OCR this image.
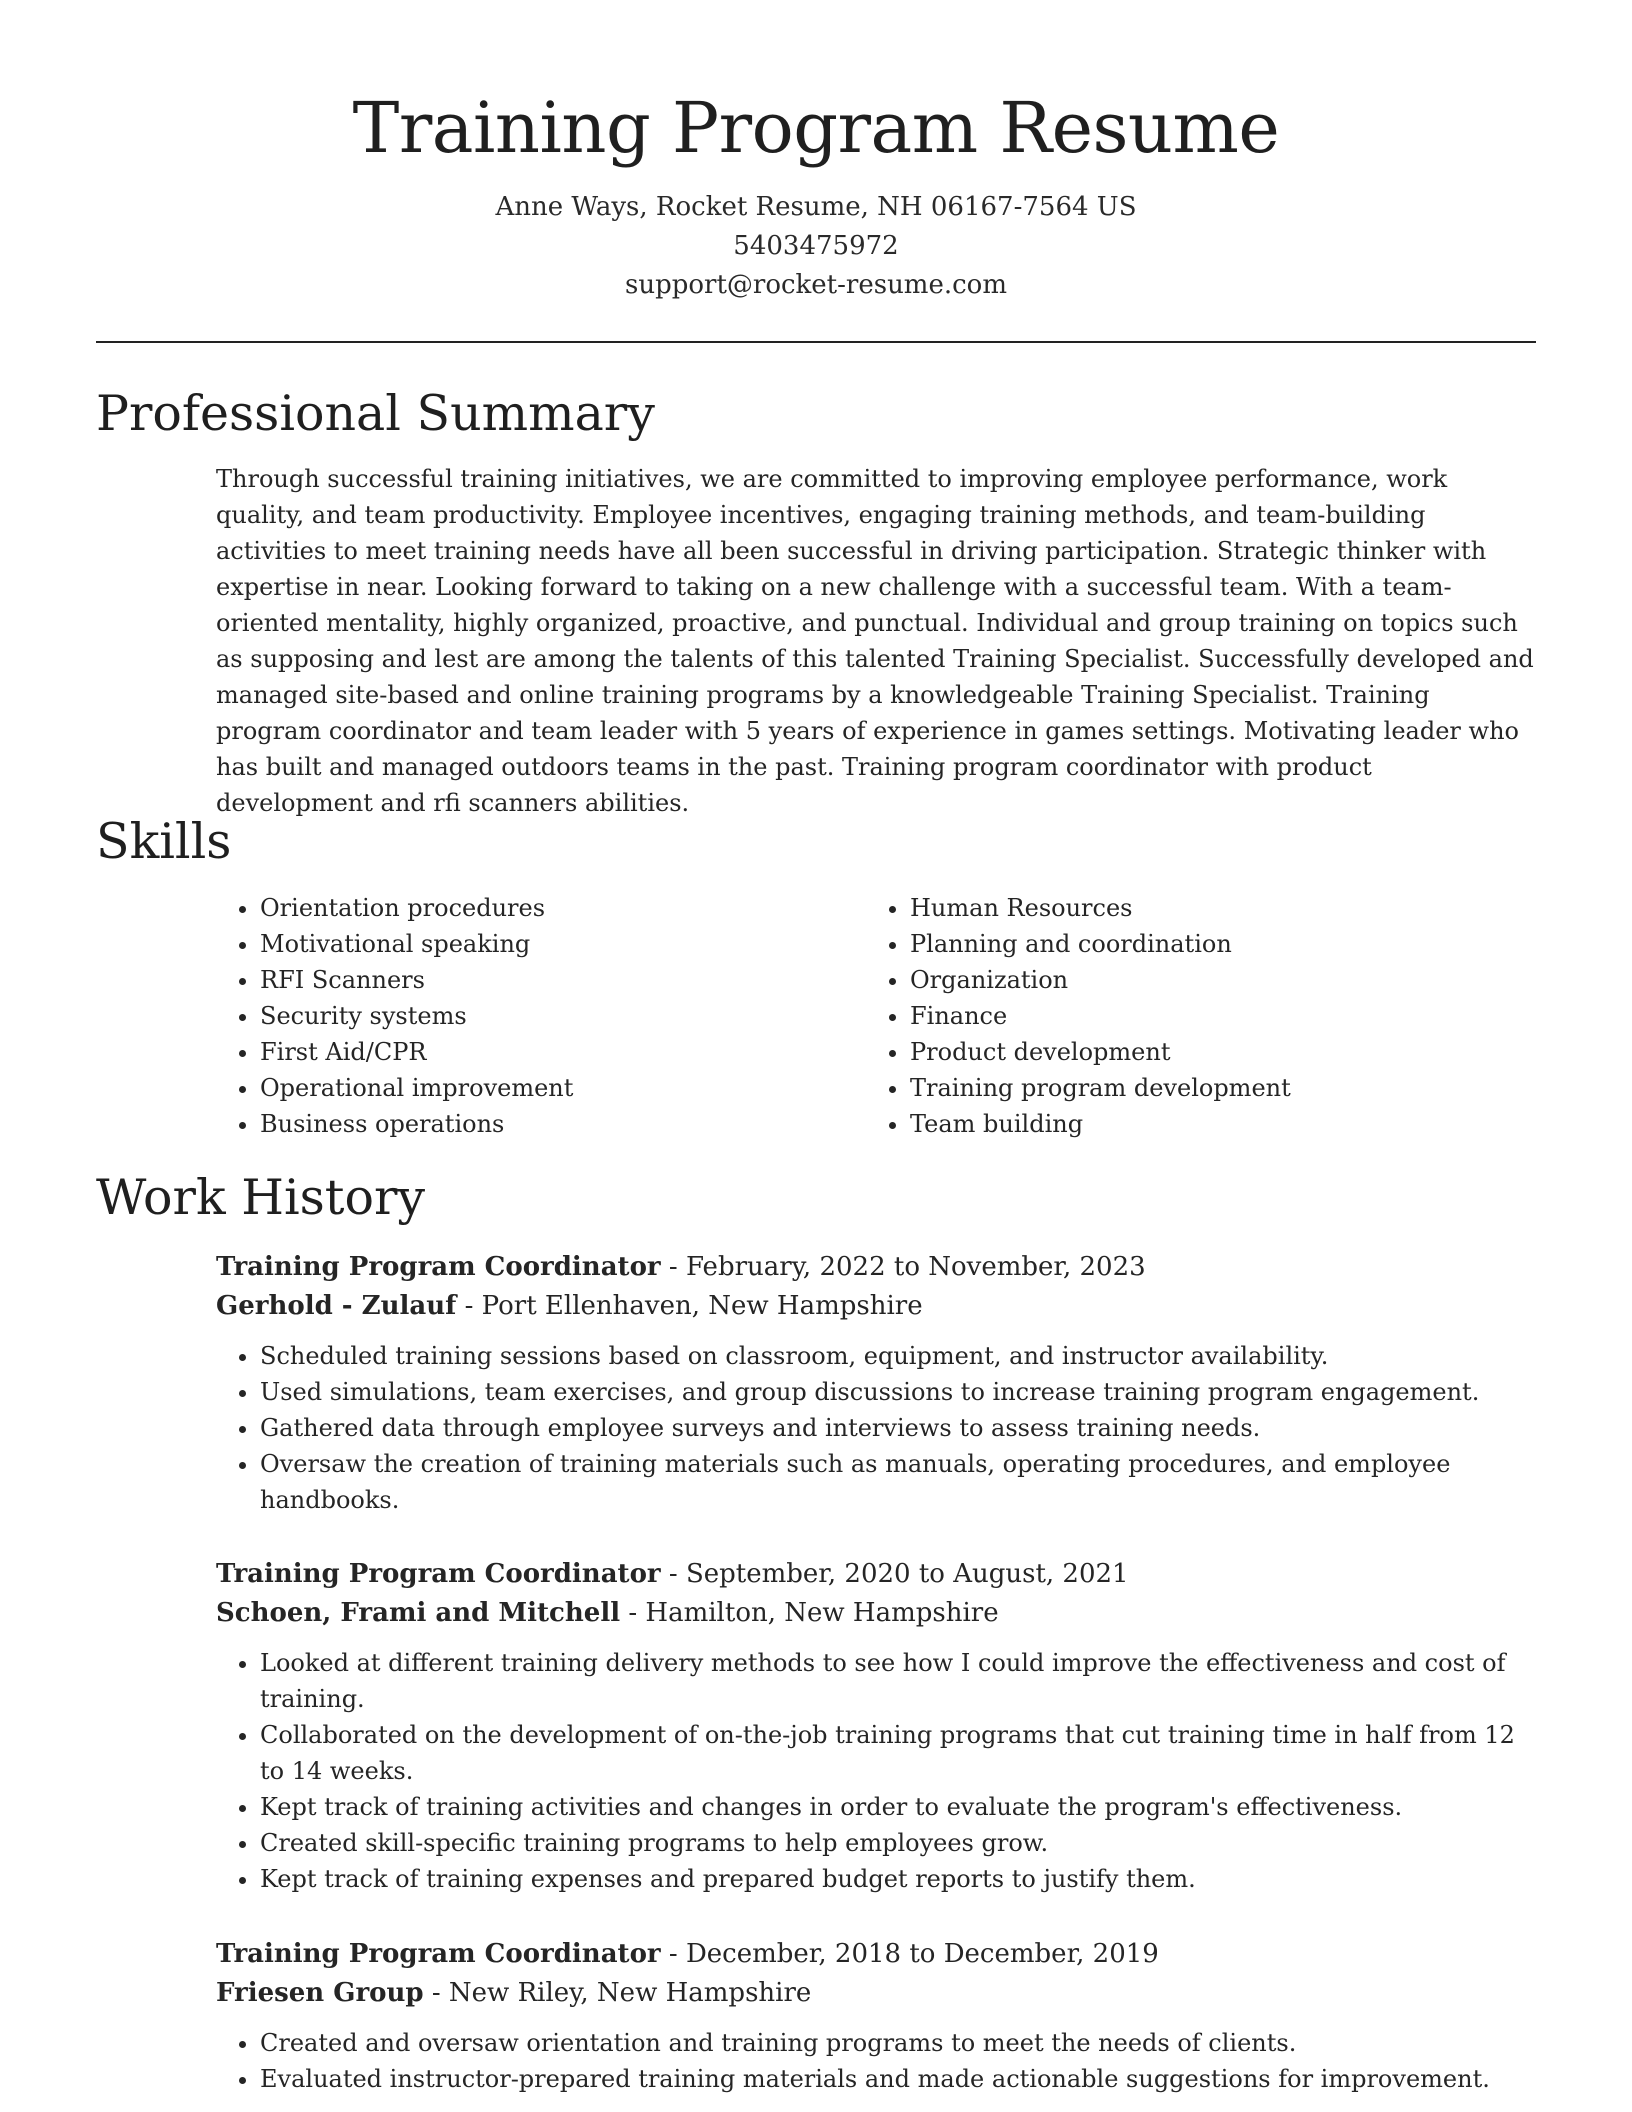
Training Program Resume
Anne Ways, Rocket Resume, NH 06167-7564 US
5403475972
support@rocket-resume.com
Professional Summary

Through successful training initiatives, we are committed to improving employee performance, work quality, and team productivity. Employee incentives, engaging training methods, and team-building activities to meet training needs have all been successful in driving participation. Strategic thinker with expertise in near. Looking forward to taking on a new challenge with a successful team. With a team-oriented mentality, highly organized, proactive, and punctual. Individual and group training on topics such as supposing and lest are among the talents of this talented Training Specialist. Successfully developed and managed site-based and online training programs by a knowledgeable Training Specialist. Training program coordinator and team leader with 5 years of experience in games settings. Motivating leader who has built and managed outdoors teams in the past. Training program coordinator with product development and rfi scanners abilities.

Skills
• Orientation procedures
• Motivational speaking
• RFI Scanners
• Security systems
• First Aid/CPR
• Operational improvement
• Business operations
• Human Resources
• Planning and coordination
• Organization
• Finance
• Product development
• Training program development
• Team building
Work History
Training Program Coordinator - February, 2022 to November, 2023
Gerhold - Zulauf - Port Ellenhaven, New Hampshire
• Scheduled training sessions based on classroom, equipment, and instructor availability.
• Used simulations, team exercises, and group discussions to increase training program engagement.
• Gathered data through employee surveys and interviews to assess training needs.
• Oversaw the creation of training materials such as manuals, operating procedures, and employee handbooks.
Training Program Coordinator - September, 2020 to August, 2021
Schoen, Frami and Mitchell - Hamilton, New Hampshire
• Looked at different training delivery methods to see how I could improve the effectiveness and cost of training.
• Collaborated on the development of on-the-job training programs that cut training time in half from 12 to 14 weeks.
• Kept track of training activities and changes in order to evaluate the program's effectiveness.
• Created skill-specific training programs to help employees grow.
• Kept track of training expenses and prepared budget reports to justify them.
Training Program Coordinator - December, 2018 to December, 2019
Friesen Group - New Riley, New Hampshire
• Created and oversaw orientation and training programs to meet the needs of clients.
• Evaluated instructor-prepared training materials and made actionable suggestions for improvement.
